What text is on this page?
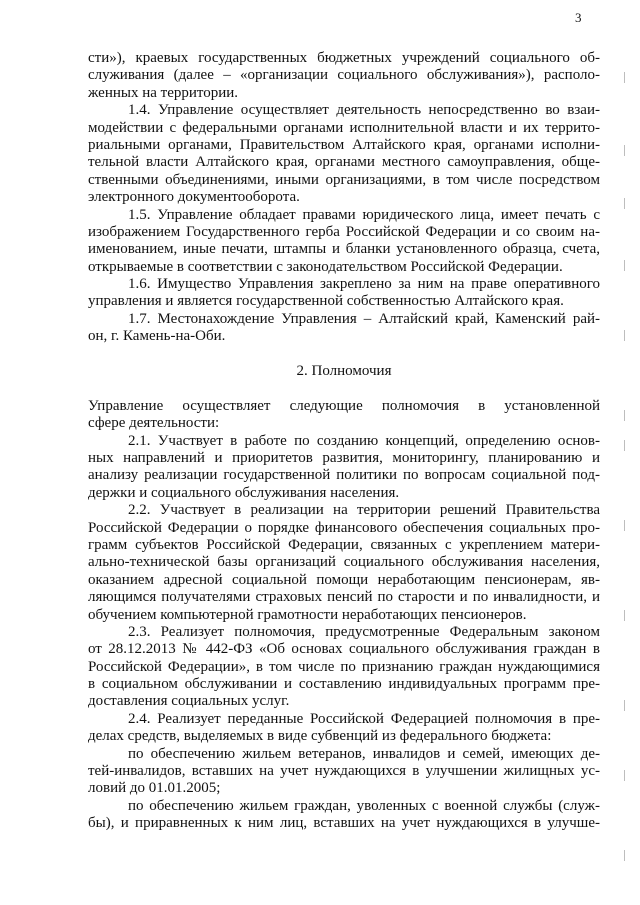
3
сти»), краевых государственных бюджетных учреждений социального об-
служивания (далее – «организации социального обслуживания»), располо-
женных на территории.
1.4. Управление осуществляет деятельность непосредственно во взаи-
модействии с федеральными органами исполнительной власти и их террито-
риальными органами, Правительством Алтайского края, органами исполни-
тельной власти Алтайского края, органами местного самоуправления, обще-
ственными объединениями, иными организациями, в том числе посредством
электронного документооборота.
1.5. Управление обладает правами юридического лица, имеет печать с
изображением Государственного герба Российской Федерации и со своим на-
именованием, иные печати, штампы и бланки установленного образца, счета,
открываемые в соответствии с законодательством Российской Федерации.
1.6. Имущество Управления закреплено за ним на праве оперативного
управления и является государственной собственностью Алтайского края.
1.7. Местонахождение Управления – Алтайский край, Каменский рай-
он, г. Камень-на-Оби.
2. Полномочия
Управление осуществляет следующие полномочия в установленной
сфере деятельности:
2.1. Участвует в работе по созданию концепций, определению основ-
ных направлений и приоритетов развития, мониторингу, планированию и
анализу реализации государственной политики по вопросам социальной под-
держки и социального обслуживания населения.
2.2. Участвует в реализации на территории решений Правительства
Российской Федерации о порядке финансового обеспечения социальных про-
грамм субъектов Российской Федерации, связанных с укреплением матери-
ально-технической базы организаций социального обслуживания населения,
оказанием адресной социальной помощи неработающим пенсионерам, яв-
ляющимся получателями страховых пенсий по старости и по инвалидности, и
обучением компьютерной грамотности неработающих пенсионеров.
2.3. Реализует полномочия, предусмотренные Федеральным законом
от 28.12.2013 № 442-ФЗ «Об основах социального обслуживания граждан в
Российской Федерации», в том числе по признанию граждан нуждающимися
в социальном обслуживании и составлению индивидуальных программ пре-
доставления социальных услуг.
2.4. Реализует переданные Российской Федерацией полномочия в пре-
делах средств, выделяемых в виде субвенций из федерального бюджета:
по обеспечению жильем ветеранов, инвалидов и семей, имеющих де-
тей-инвалидов, вставших на учет нуждающихся в улучшении жилищных ус-
ловий до 01.01.2005;
по обеспечению жильем граждан, уволенных с военной службы (служ-
бы), и приравненных к ним лиц, вставших на учет нуждающихся в улучше-
